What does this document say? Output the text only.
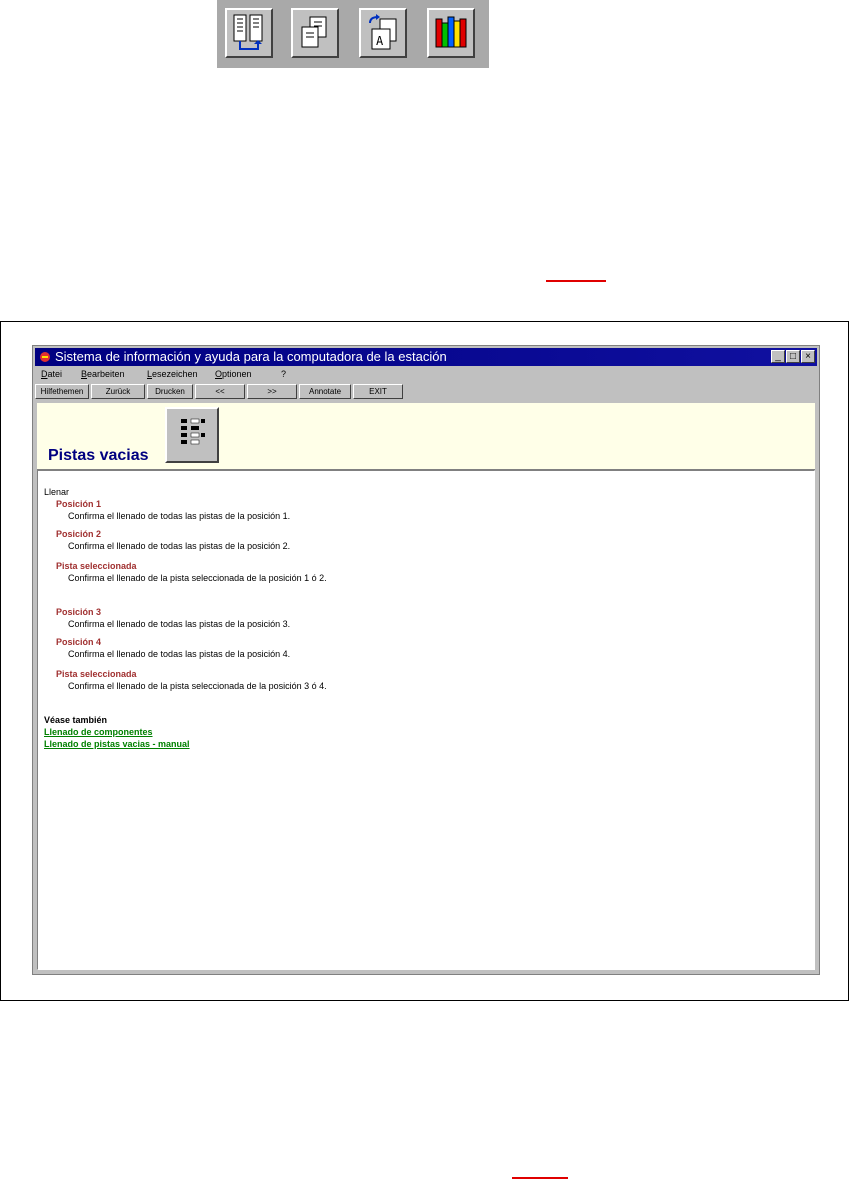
A
Sistema de información y ayuda para la computadora de la estación	_ □ ×
Datei Bearbeiten Lesezeichen Optionen	?
Hilfethemen	Zurück	Drucken	<<	>>	Annotate	EXIT
Pistas vacias
Llenar
Posición 1
Confirma el llenado de todas las pistas de la posición 1.
Posición 2
Confirma el llenado de todas las pistas de la posición 2.
Pista seleccionada
Confirma el llenado de la pista seleccionada de la posición 1 ó 2.
Posición 3
Confirma el llenado de todas las pistas de la posición 3.
Posición 4
Confirma el llenado de todas las pistas de la posición 4.
Pista seleccionada
Confirma el llenado de la pista seleccionada de la posición 3 ó 4.
Véase también
Llenado de componentes
Llenado de pistas vacias - manual
